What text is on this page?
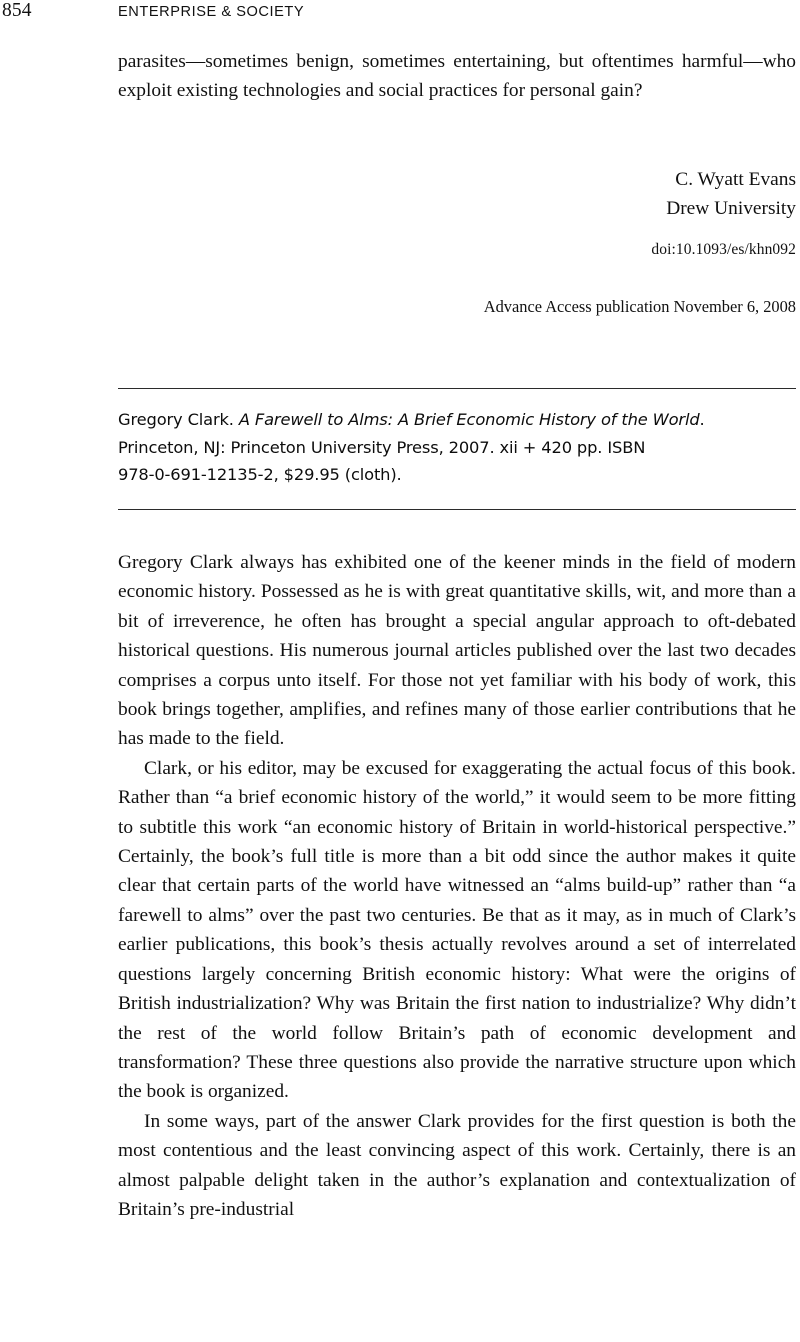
854	ENTERPRISE & SOCIETY

parasites—sometimes benign, sometimes entertaining, but oftentimes harmful—who exploit existing technologies and social practices for personal gain?

C. Wyatt Evans
Drew University
doi:10.1093/es/khn092
Advance Access publication November 6, 2008
Gregory Clark. A Farewell to Alms: A Brief Economic History of the World.
Princeton, NJ: Princeton University Press, 2007. xii + 420 pp. ISBN
978-0-691-12135-2, $29.95 (cloth).

Gregory Clark always has exhibited one of the keener minds in the field of modern economic history. Possessed as he is with great quantitative skills, wit, and more than a bit of irreverence, he often has brought a special angular approach to oft-debated historical questions. His numerous journal articles published over the last two decades comprises a corpus unto itself. For those not yet familiar with his body of work, this book brings together, amplifies, and refines many of those earlier contributions that he has made to the field.

Clark, or his editor, may be excused for exaggerating the actual focus of this book. Rather than “a brief economic history of the world,” it would seem to be more fitting to subtitle this work “an economic history of Britain in world-historical perspective.” Certainly, the book’s full title is more than a bit odd since the author makes it quite clear that certain parts of the world have witnessed an “alms build-up” rather than “a farewell to alms” over the past two centuries. Be that as it may, as in much of Clark’s earlier publications, this book’s thesis actually revolves around a set of interrelated questions largely concerning British economic history: What were the origins of British industrialization? Why was Britain the first nation to industrialize? Why didn’t the rest of the world follow Britain’s path of economic development and transformation? These three questions also provide the narrative structure upon which the book is organized.

In some ways, part of the answer Clark provides for the first question is both the most contentious and the least convincing aspect of this work. Certainly, there is an almost palpable delight taken in the author’s explanation and contextualization of Britain’s pre-industrial
